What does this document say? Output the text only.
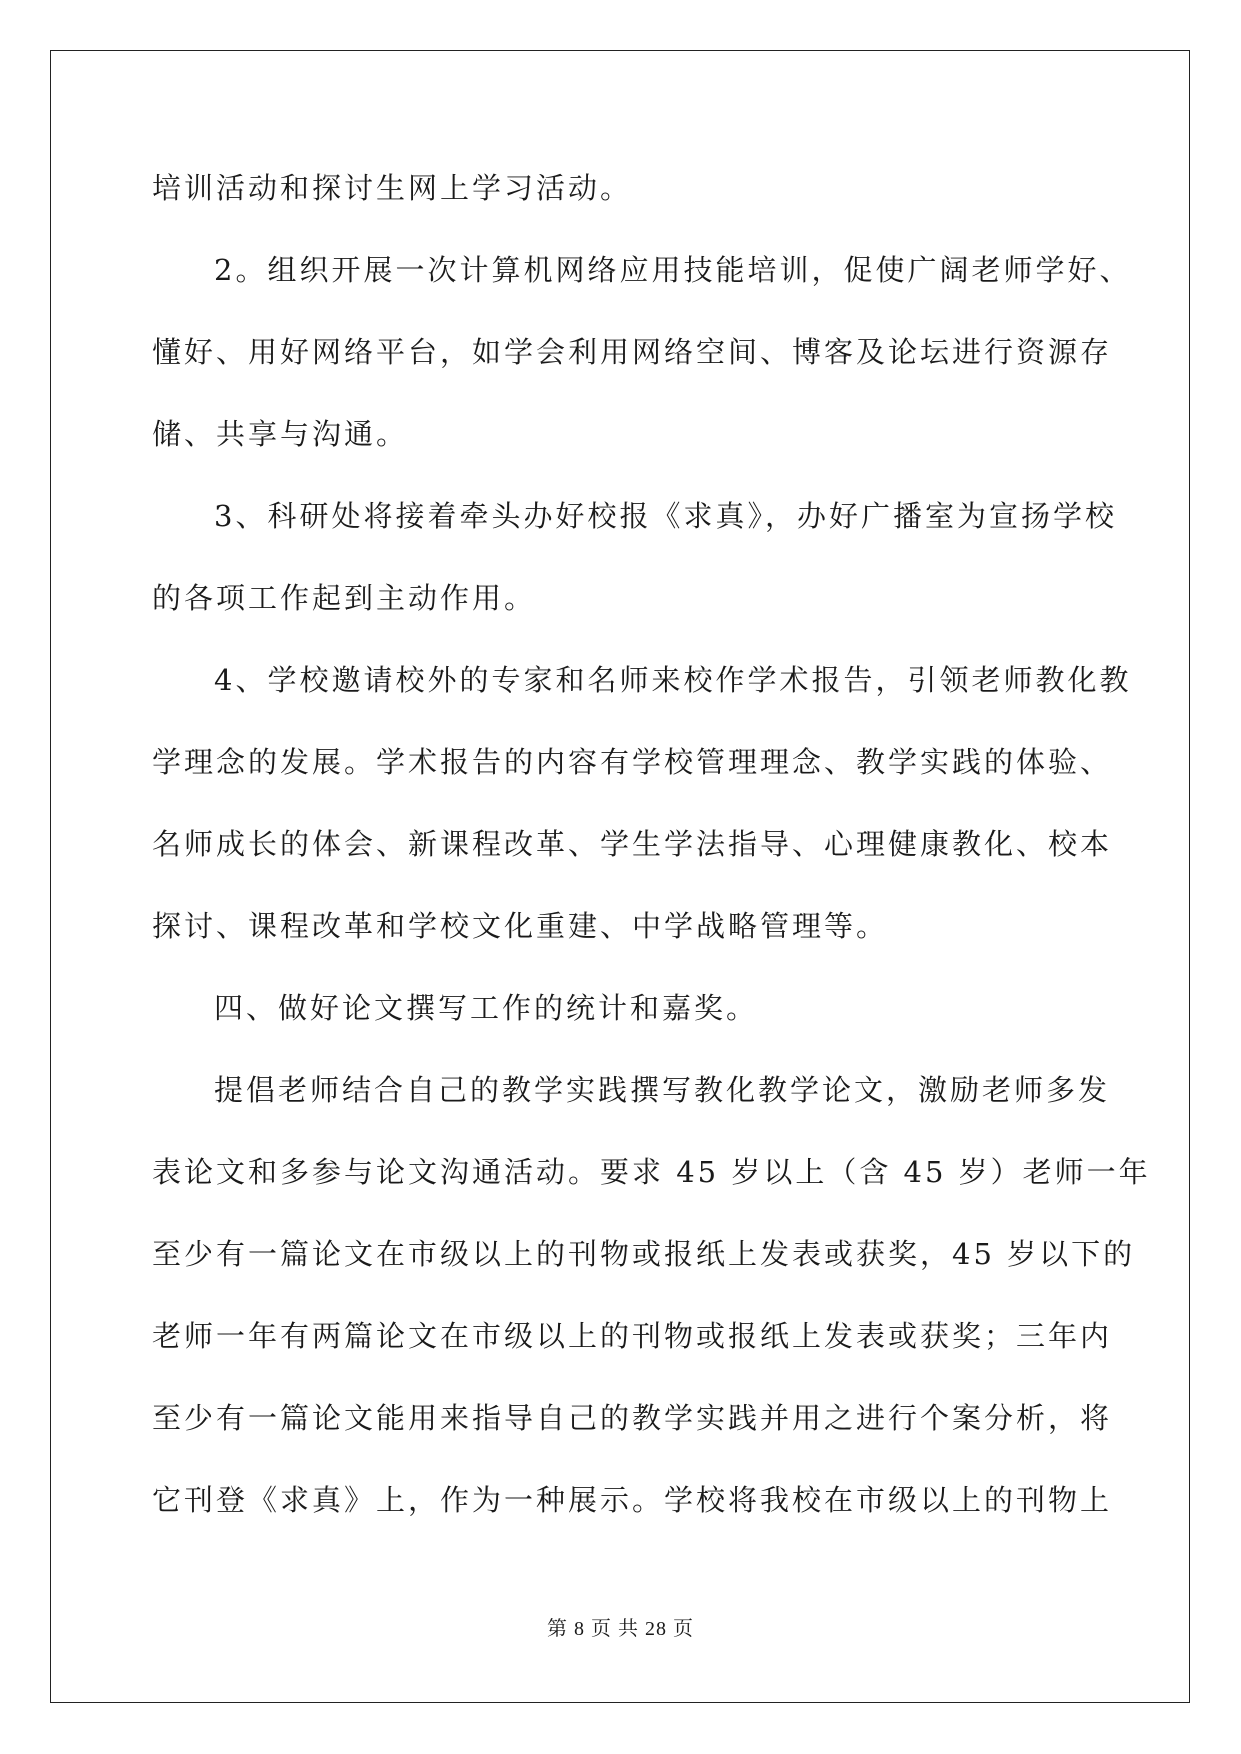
培训活动和探讨生网上学习活动。
2。组织开展一次计算机网络应用技能培训，促使广阔老师学好、
懂好、用好网络平台，如学会利用网络空间、博客及论坛进行资源存
储、共享与沟通。
3、科研处将接着牵头办好校报《求真》，办好广播室为宣扬学校
的各项工作起到主动作用。
4、学校邀请校外的专家和名师来校作学术报告，引领老师教化教
学理念的发展。学术报告的内容有学校管理理念、教学实践的体验、
名师成长的体会、新课程改革、学生学法指导、心理健康教化、校本
探讨、课程改革和学校文化重建、中学战略管理等。
四、做好论文撰写工作的统计和嘉奖。
提倡老师结合自己的教学实践撰写教化教学论文，激励老师多发
表论文和多参与论文沟通活动。要求 45 岁以上（含 45 岁）老师一年
至少有一篇论文在市级以上的刊物或报纸上发表或获奖，45 岁以下的
老师一年有两篇论文在市级以上的刊物或报纸上发表或获奖；三年内
至少有一篇论文能用来指导自己的教学实践并用之进行个案分析，将
它刊登《求真》上，作为一种展示。学校将我校在市级以上的刊物上
第 8 页 共 28 页
